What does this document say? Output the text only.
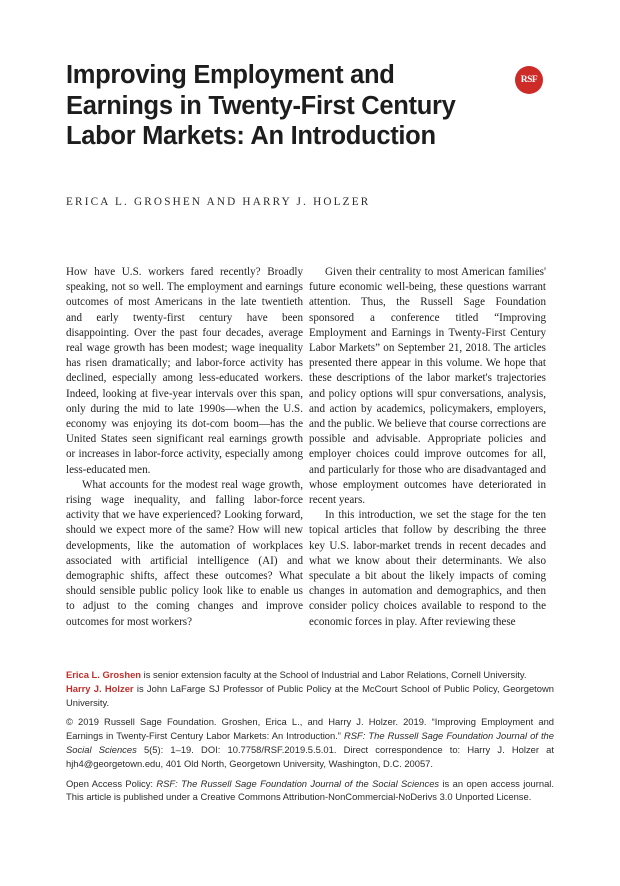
Improving Employment and Earnings in Twenty-First Century Labor Markets: An Introduction
RSF

ERICA L. GROSHEN AND HARRY J. HOLZER

How have U.S. workers fared recently? Broadly speaking, not so well. The employment and earnings outcomes of most Americans in the late twentieth and early twenty-first century have been disappointing. Over the past four decades, average real wage growth has been modest; wage inequality has risen dramatically; and labor-force activity has declined, especially among less-educated workers. Indeed, looking at five-year intervals over this span, only during the mid to late 1990s—when the U.S. economy was enjoying its dot-com boom—has the United States seen significant real earnings growth or increases in labor-force activity, especially among less-educated men.

What accounts for the modest real wage growth, rising wage inequality, and falling labor-force activity that we have experienced? Looking forward, should we expect more of the same? How will new developments, like the automation of workplaces associated with artificial intelligence (AI) and demographic shifts, affect these outcomes? What should sensible public policy look like to enable us to adjust to the coming changes and improve outcomes for most workers?

Given their centrality to most American families' future economic well-being, these questions warrant attention. Thus, the Russell Sage Foundation sponsored a conference titled “Improving Employment and Earnings in Twenty-First Century Labor Markets” on September 21, 2018. The articles presented there appear in this volume. We hope that these descriptions of the labor market's trajectories and policy options will spur conversations, analysis, and action by academics, policymakers, employers, and the public. We believe that course corrections are possible and advisable. Appropriate policies and employer choices could improve outcomes for all, and particularly for those who are disadvantaged and whose employment outcomes have deteriorated in recent years.

In this introduction, we set the stage for the ten topical articles that follow by describing the three key U.S. labor-market trends in recent decades and what we know about their determinants. We also speculate a bit about the likely impacts of coming changes in automation and demographics, and then consider policy choices available to respond to the economic forces in play. After reviewing these

Erica L. Groshen is senior extension faculty at the School of Industrial and Labor Relations, Cornell University.

Harry J. Holzer is John LaFarge SJ Professor of Public Policy at the McCourt School of Public Policy, Georgetown University.

© 2019 Russell Sage Foundation. Groshen, Erica L., and Harry J. Holzer. 2019. “Improving Employment and Earnings in Twenty-First Century Labor Markets: An Introduction.” RSF: The Russell Sage Foundation Journal of the Social Sciences 5(5): 1–19. DOI: 10.7758/RSF.2019.5.5.01. Direct correspondence to: Harry J. Holzer at hjh4@georgetown.edu, 401 Old North, Georgetown University, Washington, D.C. 20057.

Open Access Policy: RSF: The Russell Sage Foundation Journal of the Social Sciences is an open access journal. This article is published under a Creative Commons Attribution-NonCommercial-NoDerivs 3.0 Unported License.
